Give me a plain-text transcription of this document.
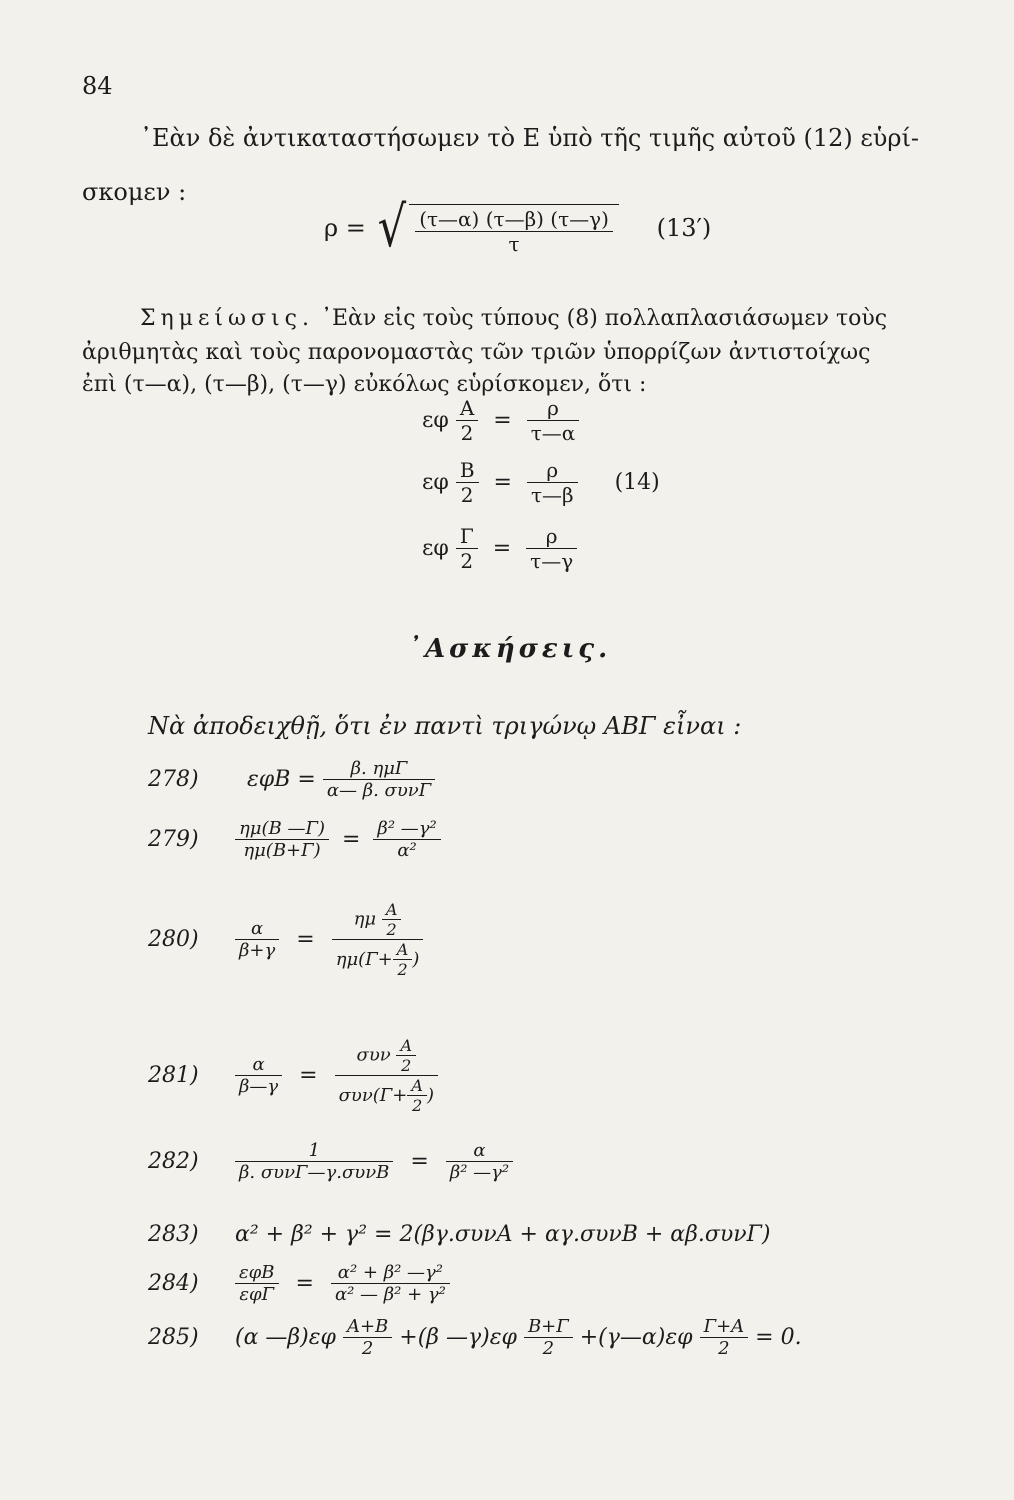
84
᾿Εὰν δὲ ἀντικαταστήσωμεν τὸ Ε ὑπὸ τῆς τιμῆς αὐτοῦ (12) εὑρί-
σκομεν :
ρ = √ $\frac{(\tau—\alpha) (\tau—\beta) (\tau—\gamma)}{\tau} (13')$
Σημείωσις. ᾿Εὰν εἰς τοὺς τύπους (8) πολλαπλασιάσωμεν τοὺς
ἀριθμητὰς καὶ τοὺς παρονομαστὰς τῶν τριῶν ὑπορρίζων ἀντιστοίχως
ἐπὶ (τ—α), (τ—β), (τ—γ) εὐκόλως εὑρίσκομεν, ὅτι :
εφ $\frac{A}{2} = \frac{\rho}{\tau—\alpha}$
εφ $\frac{B}{2} = \frac{\rho}{\tau—\beta} (14)$
εφ $\frac{\Gamma}{2} = \frac{\rho}{\tau—\gamma}$
᾿Ασκήσεις.
Νὰ ἀποδειχθῇ, ὅτι ἐν παντὶ τριγώνῳ ΑΒΓ εἶναι :
278) $\varepsilon\varphi B = \frac{\text{β. ημΓ}}{\text{α— β. συνΓ}}$
$279) \frac{\eta\mu(B —\Gamma)}{\eta\mu(B+\Gamma)} = \frac{\text{β² —γ²}}{\text{α²}}$
$280) \frac{\alpha}{\beta+\gamma} = \frac{\eta\mu \frac{A}{2}}{\eta\mu(\Gamma+ \frac{A}{2} )}$
$281) \frac{\alpha}{\beta—\gamma} = \frac{\sigma\upsilon\nu \frac{A}{2}}{\sigma\upsilon\nu(\Gamma+ \frac{A}{2} )}$
$282) \frac{1}{\text{β. συνΓ—γ.συνB}} = \frac{\alpha}{\text{β² —γ²}}$
283) α² + β² + γ² = 2(βγ.συνA + αγ.συνB + αβ.συνΓ)
$284) \frac{\text{εφB}}{\text{εφΓ}} = \frac{\text{α² + β² —γ²}}{\text{α² — β² + γ²}}$
285) (α —β)εφ $\frac{A+B}{2} +(\beta$ —γ)εφ $\frac{B+\Gamma}{2}$ +(γ—α)εφ $\frac{\Gamma+A}{2} = 0$.
